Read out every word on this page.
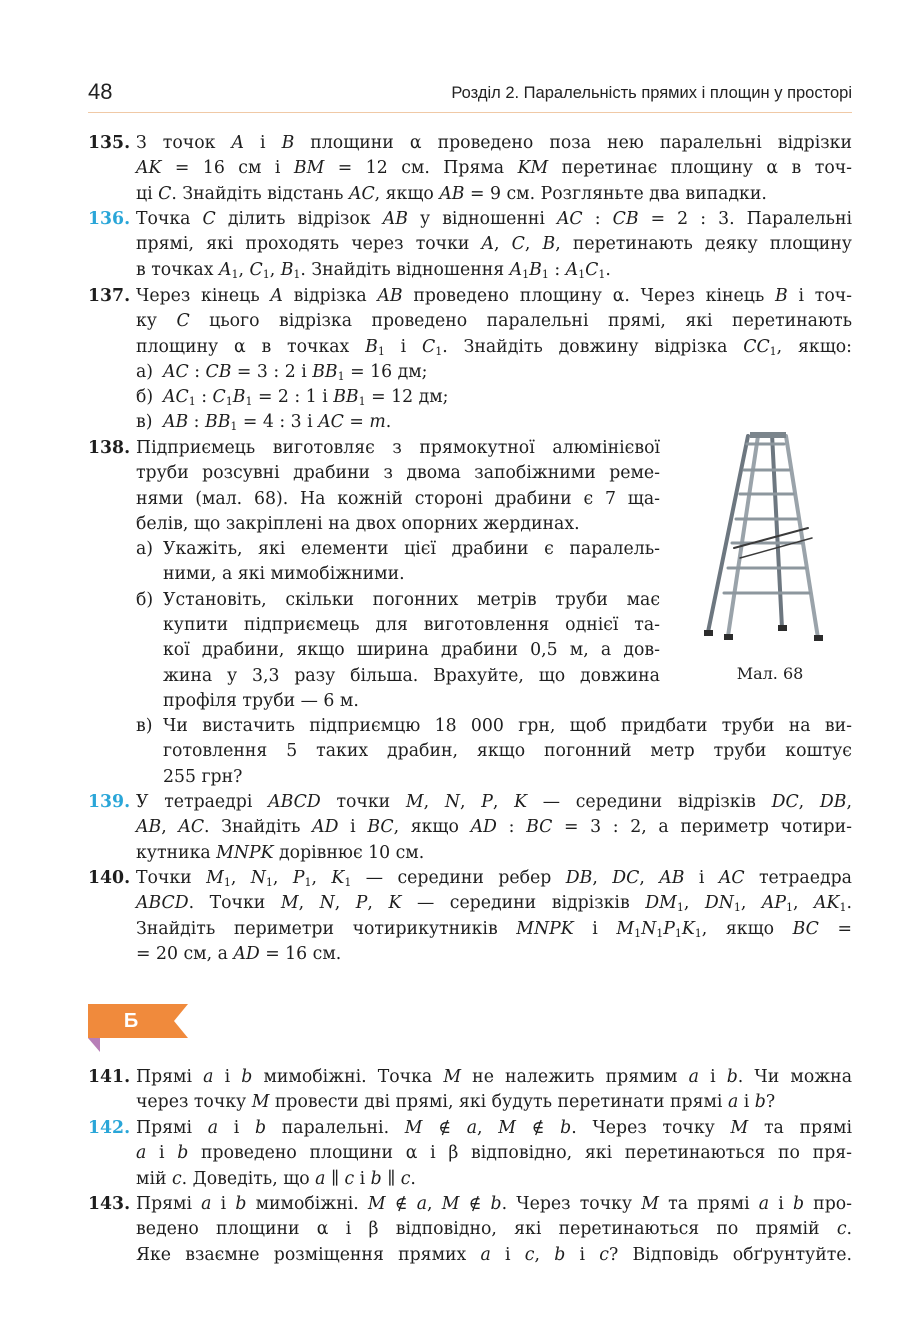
48	Розділ 2. Паралельність прямих і площин у просторі
135. З точок A і B площини α проведено поза нею паралельні відрізки
AK = 16 см і BM = 12 см. Пряма KM перетинає площину α в точ-
ці C. Знайдіть відстань AC, якщо AB = 9 см. Розгляньте два випадки.
136. Точка C ділить відрізок AB у відношенні AC : CB = 2 : 3. Паралельні
прямі, які проходять через точки A, C, B, перетинають деяку площину
в точках $A_1$, $C_1$, $B_1$. Знайдіть відношення $A_1B_1$ : $A_1C_1$.
137. Через кінець A відрізка AB проведено площину α. Через кінець B і точ-
ку C цього відрізка проведено паралельні прямі, які перетинають
площину α в точках $B_1$ і $C_1$. Знайдіть довжину відрізка $CC_1$, якщо:
а) AC : CB = 3 : 2 і $BB_1 = 16$ дм;
б) $AC_1$ : $C_1B_1 = 2$ : 1 і $BB_1 = 12$ дм;
в) AB : $BB_1 = 4$ : 3 і AC = m.
138. Підприємець виготовляє з прямокутної алюмінієвої
труби розсувні драбини з двома запобіжними реме-
нями (мал. 68). На кожній стороні драбини є 7 ща-
белів, що закріплені на двох опорних жердинах.
а) Укажіть, які елементи цієї драбини є паралель-
ними, а які мимобіжними.
б) Установіть, скільки погонних метрів труби має
купити підприємець для виготовлення однієї та-
кої драбини, якщо ширина драбини 0,5 м, а дов-
жина у 3,3 разу більша. Врахуйте, що довжина
профіля труби — 6 м.
в) Чи вистачить підприємцю 18 000 грн, щоб придбати труби на ви-
готовлення 5 таких драбин, якщо погонний метр труби коштує
255 грн?
Мал. 68
139. У тетраедрі ABCD точки M, N, P, K — середини відрізків DC, DB,
AB, AC. Знайдіть AD і BC, якщо AD : BC = 3 : 2, а периметр чотири-
кутника MNPK дорівнює 10 см.
140. Точки $M_1$, $N_1$, $P_1$, $K_1$ — середини ребер DB, DC, AB і AC тетраедра
ABCD. Точки M, N, P, K — середини відрізків $DM_1$, $DN_1$, $AP_1$, $AK_1$.
Знайдіть периметри чотирикутників MNPK і $M_1N_1P_1K_1$, якщо BC =
= 20 см, а AD = 16 см.
Б
141. Прямі a і b мимобіжні. Точка M не належить прямим a і b. Чи можна
через точку M провести дві прямі, які будуть перетинати прямі a і b?
142. Прямі a і b паралельні. M ∉ a, M ∉ b. Через точку M та прямі
a і b проведено площини α і β відповідно, які перетинаються по пря-
мій c. Доведіть, що a ∥ c і b ∥ c.
143. Прямі a і b мимобіжні. M ∉ a, M ∉ b. Через точку M та прямі a і b про-
ведено площини α і β відповідно, які перетинаються по прямій c.
Яке взаємне розміщення прямих a і c, b і c? Відповідь обґрунтуйте.
